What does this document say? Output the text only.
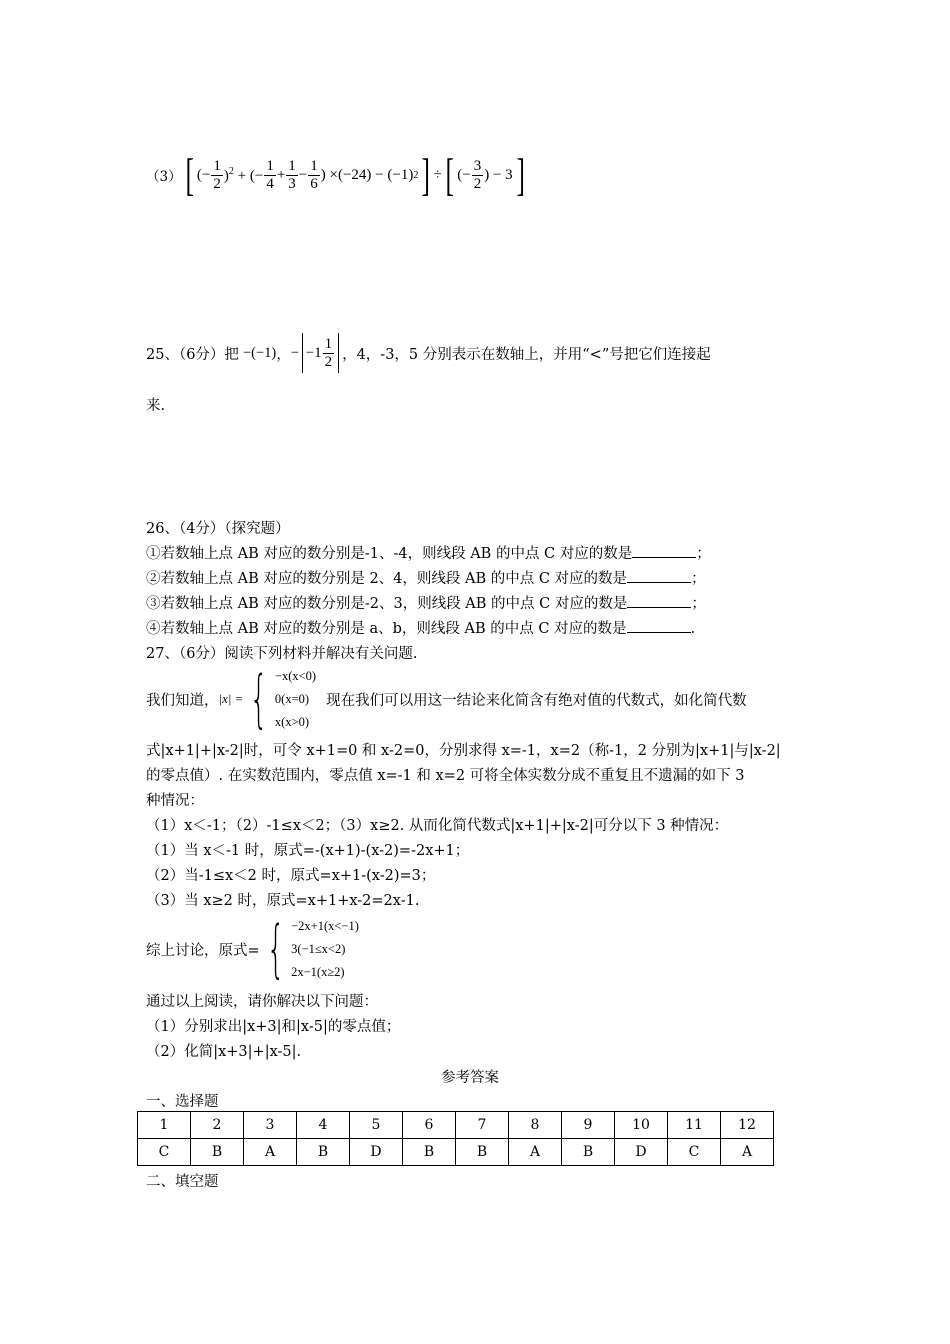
（3） [ (− $\frac{1}{2} )^2$ + (− $\frac{1}{4} + \frac{1}{3} - \frac{1}{6}$ ) ×(−24) − (−1) 2 ] ÷ [ (− $\frac{3}{2}$ ) − 3 ]
25、（6分）把 −(−1) ， − − $1 \frac{1}{2}$ ，4，-3，5 分别表示在数轴上，并用“<”号把它们连接起
来.
26、（4分）（探究题）
①若数轴上点 AB 对应的数分别是-1、-4，则线段 AB 的中点 C 对应的数是	；
②若数轴上点 AB 对应的数分别是 2、4，则线段 AB 的中点 C 对应的数是	；
③若数轴上点 AB 对应的数分别是-2、3，则线段 AB 的中点 C 对应的数是	；
④若数轴上点 AB 对应的数分别是 a、b，则线段 AB 的中点 C 对应的数是	.
27、（6分）阅读下列材料并解决有关问题.
我们知道， |x| = { −x(x<0)
0(x=0)
x(x>0)
现在我们可以用这一结论来化简含有绝对值的代数式，如化简代数
式|x+1|+|x-2|时，可令 x+1=0 和 x-2=0，分别求得 x=-1，x=2（称-1，2 分别为|x+1|与|x-2|
的零点值）. 在实数范围内，零点值 x=-1 和 x=2 可将全体实数分成不重复且不遗漏的如下 3
种情况：
（1）x＜-1；（2）-1≤x＜2；（3）x≥2. 从而化简代数式|x+1|+|x-2|可分以下 3 种情况：
（1）当 x＜-1 时，原式=-(x+1)-(x-2)=-2x+1；
（2）当-1≤x＜2 时，原式=x+1-(x-2)=3；
（3）当 x≥2 时，原式=x+1+x-2=2x-1.
综上讨论，原式= { −2x+1(x<−1)
3(−1≤x<2)
2x−1(x≥2)
通过以上阅读，请你解决以下问题：
（1）分别求出|x+3|和|x-5|的零点值；
（2）化简|x+3|+|x-5|.
参考答案
一、选择题
1	2	3	4	5	6	7	8	9	10	11	12
C	B	A	B	D	B	B	A	B	D	C	A
二、填空题
